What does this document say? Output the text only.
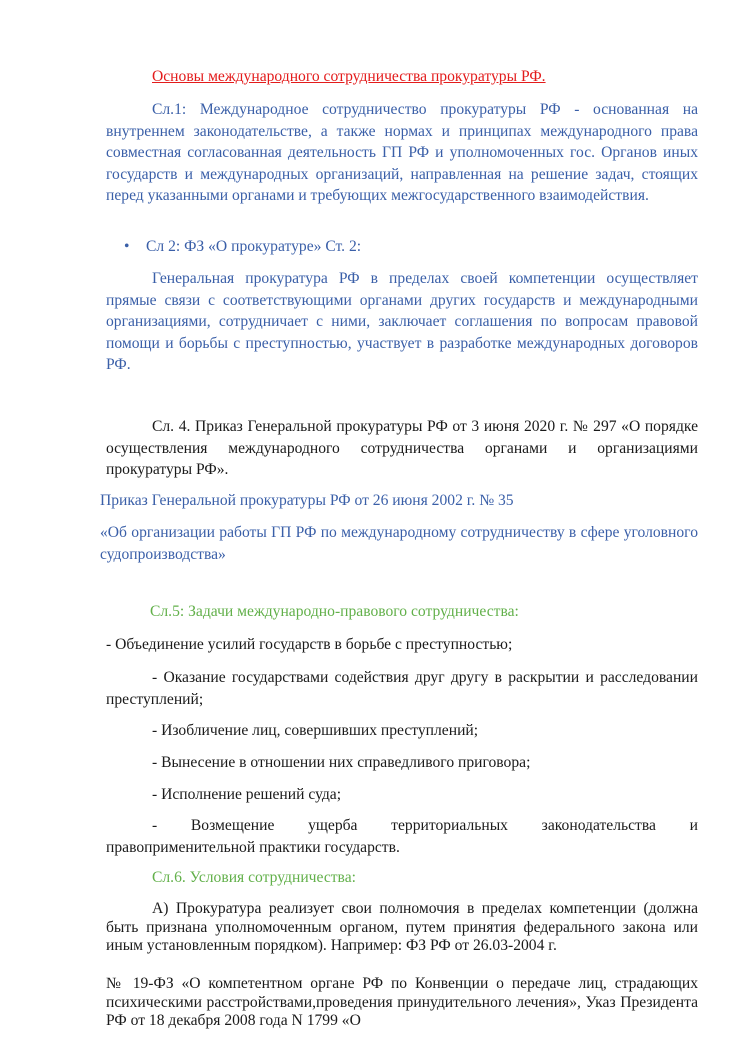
Основы международного сотрудничества прокуратуры РФ.

Сл.1: Международное сотрудничество прокуратуры РФ - основанная на внутреннем законодательстве, а также нормах и принципах международного права совместная согласованная деятельность ГП РФ и уполномоченных гос. Органов иных государств и международных организаций, направленная на решение задач, стоящих перед указанными органами и требующих межгосударственного взаимодействия.

• Сл 2: ФЗ «О прокуратуре» Ст. 2:

Генеральная прокуратура РФ в пределах своей компетенции осуществляет прямые связи с соответствующими органами других государств и международными организациями, сотрудничает с ними, заключает соглашения по вопросам правовой помощи и борьбы с преступностью, участвует в разработке международных договоров РФ.

Сл. 4. Приказ Генеральной прокуратуры РФ от 3 июня 2020 г. № 297 «О порядке осуществления международного сотрудничества органами и организациями прокуратуры РФ».

Приказ Генеральной прокуратуры РФ от 26 июня 2002 г. № 35

«Об организации работы ГП РФ по международному сотрудничеству в сфере уголовного судопроизводства»

Сл.5: Задачи международно-правового сотрудничества:
- Объединение усилий государств в борьбе с преступностью;

- Оказание государствами содействия друг другу в раскрытии и расследовании преступлений;

- Изобличение лиц, совершивших преступлений;
- Вынесение в отношении них справедливого приговора;
- Исполнение решений суда;

- Возмещение ущерба территориальных законодательства и правоприменительной практики государств.

Сл.6. Условия сотрудничества:

А) Прокуратура реализует свои полномочия в пределах компетенции (должна быть признана уполномоченным органом, путем принятия федерального закона или иным установленным порядком). Например: ФЗ РФ от 26.03-2004 г.

№ 19-ФЗ «О компетентном органе РФ по Конвенции о передаче лиц, страдающих психическими расстройствами,проведения принудительного лечения», Указ Президента РФ от 18 декабря 2008 года N 1799 «О
